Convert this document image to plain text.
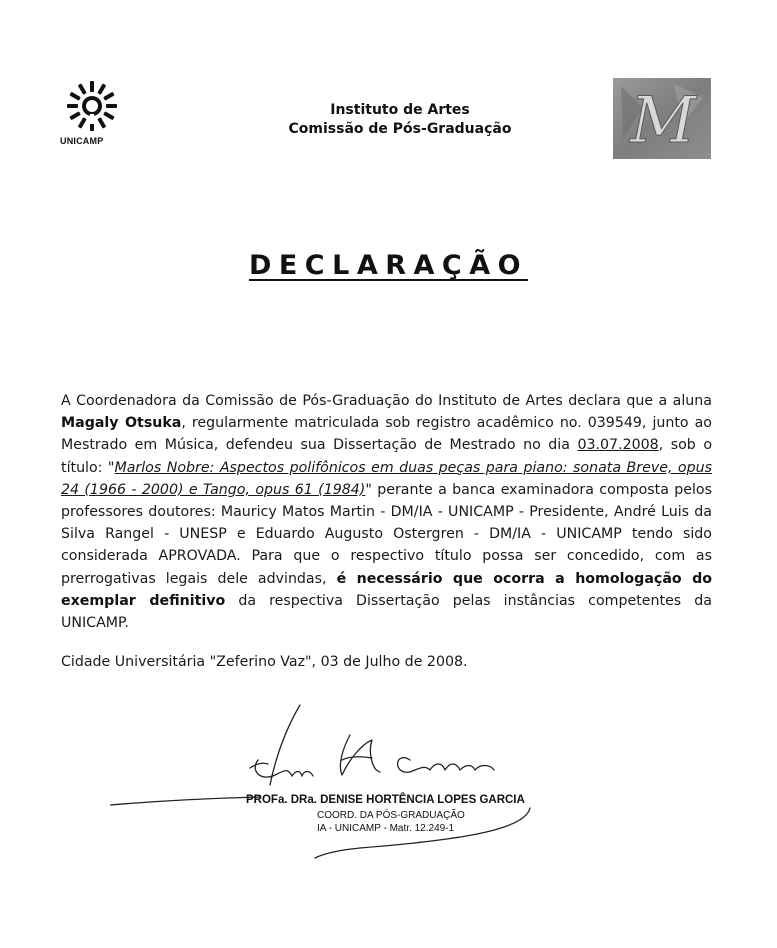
UNICAMP
Instituto de Artes
Comissão de Pós-Graduação	M
DECLARAÇÃO
A Coordenadora da Comissão de Pós-Graduação do Instituto de Artes declara que a aluna Magaly Otsuka, regularmente matriculada sob registro acadêmico no. 039549, junto ao Mestrado em Música, defendeu sua Dissertação de Mestrado no dia 03.07.2008, sob o título: "Marlos Nobre: Aspectos polifônicos em duas peças para piano: sonata Breve, opus 24 (1966 - 2000) e Tango, opus 61 (1984)" perante a banca examinadora composta pelos professores doutores: Mauricy Matos Martin - DM/IA - UNICAMP - Presidente, André Luis da Silva Rangel - UNESP e Eduardo Augusto Ostergren - DM/IA - UNICAMP tendo sido considerada APROVADA. Para que o respectivo título possa ser concedido, com as prerrogativas legais dele advindas, é necessário que ocorra a homologação do exemplar definitivo da respectiva Dissertação pelas instâncias competentes da UNICAMP.
Cidade Universitária "Zeferino Vaz", 03 de Julho de 2008.
PROFa. DRa. DENISE HORTÊNCIA LOPES GARCIA
COORD. DA PÓS-GRADUAÇÃO
IA - UNICAMP - Matr. 12.249-1
